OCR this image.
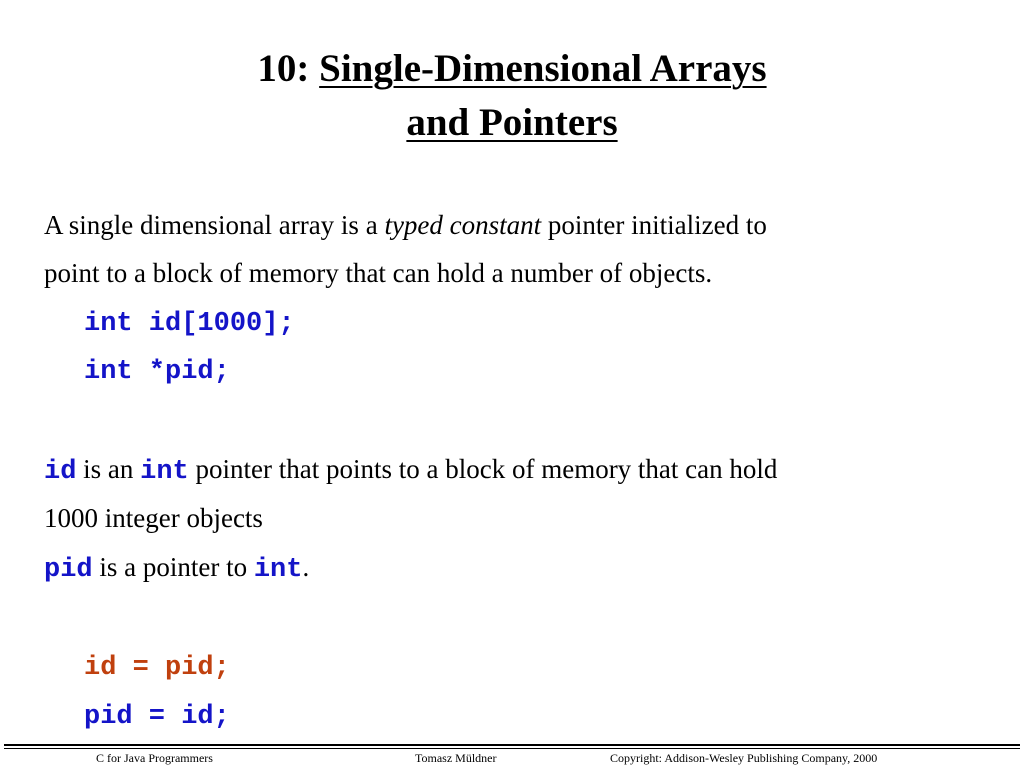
10: Single-Dimensional Arrays
and Pointers
A single dimensional array is a typed constant pointer initialized to
point to a block of memory that can hold a number of objects.
int id[1000];
int *pid;
id is an int pointer that points to a block of memory that can hold
1000 integer objects
pid is a pointer to int.
id = pid;
pid = id;
C for Java Programmers	Tomasz Müldner	Copyright: Addison-Wesley Publishing Company, 2000
